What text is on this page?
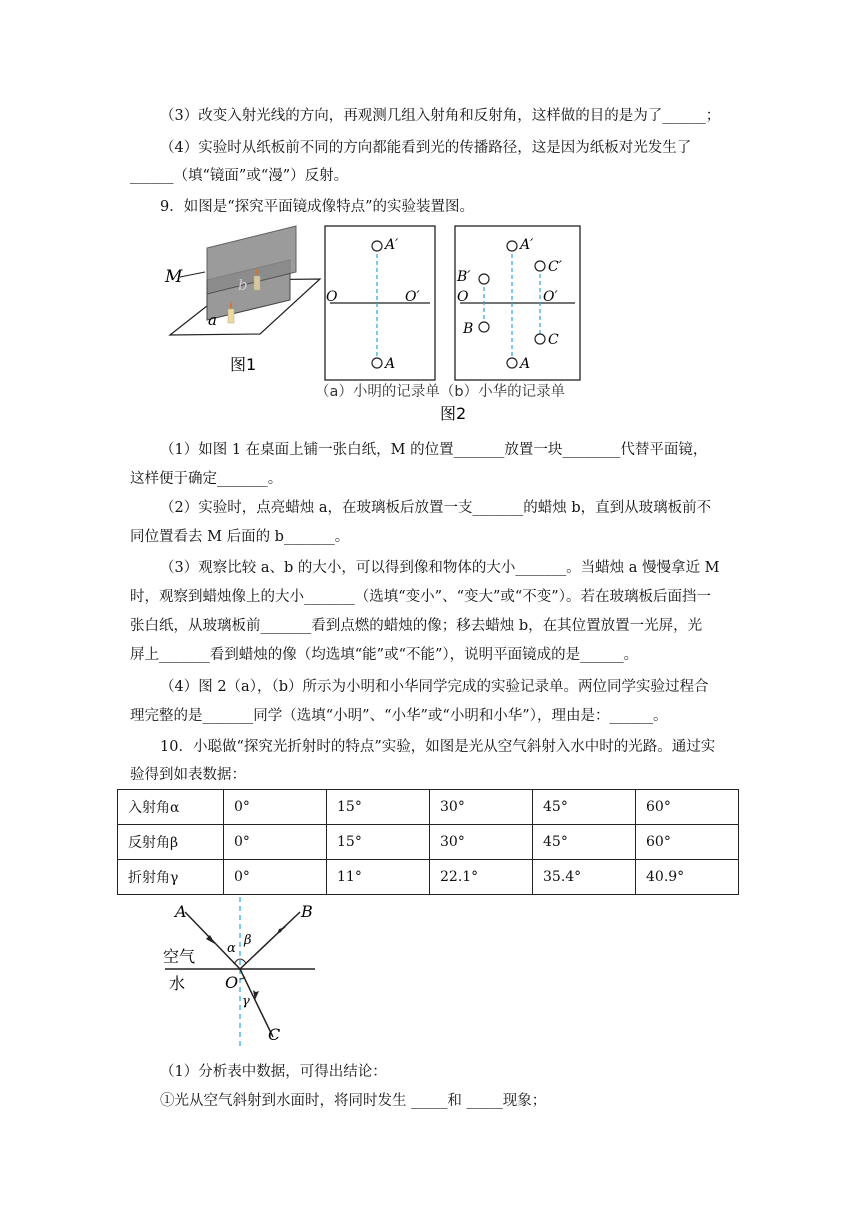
（3）改变入射光线的方向，再观测几组入射角和反射角，这样做的目的是为了______；
（4）实验时从纸板前不同的方向都能看到光的传播路径，这是因为纸板对光发生了
______（填“镜面”或“漫”）反射。
9．如图是“探究平面镜成像特点”的实验装置图。
M
a
b
图1
A′
O	O′
A
A′
B′
C′
O	O′
B
C
A
（a）小明的记录单（b）小华的记录单
图2
（1）如图 1 在桌面上铺一张白纸，M 的位置_______放置一块________代替平面镜，
这样便于确定_______。
（2）实验时，点亮蜡烛 a，在玻璃板后放置一支_______的蜡烛 b，直到从玻璃板前不
同位置看去 M 后面的 b_______。
（3）观察比较 a、b 的大小，可以得到像和物体的大小_______。当蜡烛 a 慢慢拿近 M
时，观察到蜡烛像上的大小_______（选填“变小”、“变大”或“不变”）。若在玻璃板后面挡一
张白纸，从玻璃板前_______看到点燃的蜡烛的像；移去蜡烛 b，在其位置放置一光屏，光
屏上_______看到蜡烛的像（均选填“能”或“不能”），说明平面镜成的是______。
（4）图 2（a），（b）所示为小明和小华同学完成的实验记录单。两位同学实验过程合
理完整的是_______同学（选填“小明”、“小华”或“小明和小华”），理由是：______。
10．小聪做“探究光折射时的特点”实验，如图是光从空气斜射入水中时的光路。通过实
验得到如表数据：
入射角α	0°	15°	30°	45°	60°
反射角β	0°	15°	30°	45°	60°
折射角γ	0°	11°	22.1°	35.4°	40.9°
A	B
C
O
α
β
γ
空气
水
（1）分析表中数据，可得出结论：
①光从空气斜射到水面时，将同时发生 _____和 _____现象；
